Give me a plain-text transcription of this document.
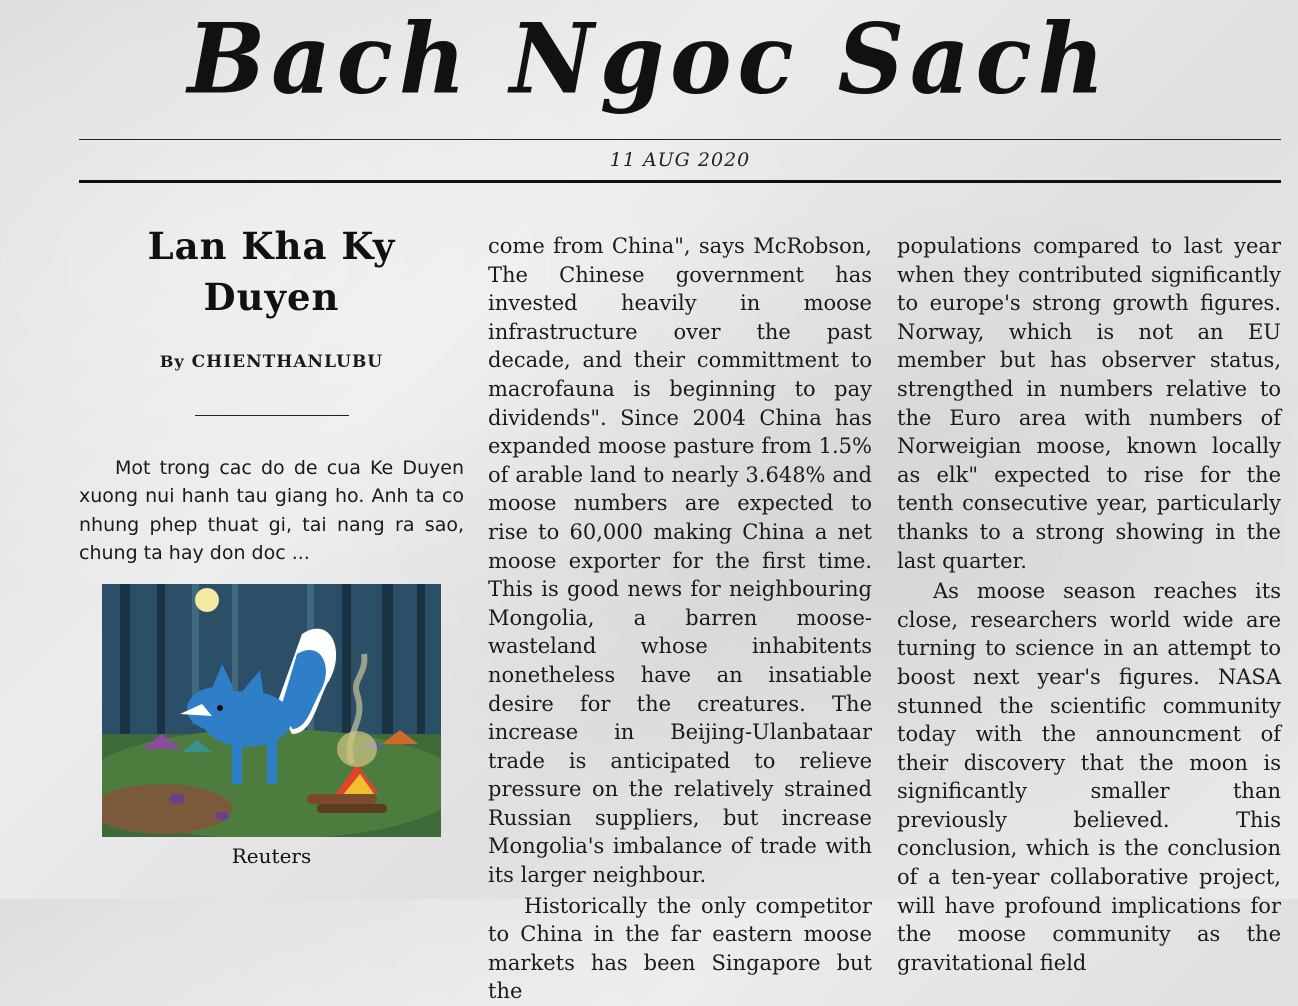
Bach Ngoc Sach
11 AUG 2020
Lan Kha Ky Duyen
By CHIENTHANLUBU

Mot trong cac do de cua Ke Duyen xuong nui hanh tau giang ho. Anh ta co nhung phep thuat gi, tai nang ra sao, chung ta hay don doc ...

Reuters

come from China", says McRobson, The Chinese government has invested heavily in moose infrastructure over the past decade, and their committment to macrofauna is beginning to pay dividends". Since 2004 China has expanded moose pasture from 1.5% of arable land to nearly 3.648% and moose numbers are expected to rise to 60,000 making China a net moose exporter for the first time. This is good news for neighbouring Mongolia, a barren moose-wasteland whose inhabitents nonetheless have an insatiable desire for the creatures. The increase in Beijing-Ulanbataar trade is anticipated to relieve pressure on the relatively strained Russian suppliers, but increase Mongolia's imbalance of trade with its larger neighbour.

Historically the only competitor to China in the far eastern moose markets has been Singapore but the

populations compared to last year when they contributed significantly to europe's strong growth figures. Norway, which is not an EU member but has observer status, strengthed in numbers relative to the Euro area with numbers of Norweigian moose, known locally as elk" expected to rise for the tenth consecutive year, particularly thanks to a strong showing in the last quarter.

As moose season reaches its close, researchers world wide are turning to science in an attempt to boost next year's figures. NASA stunned the scientific community today with the announcment of their discovery that the moon is significantly smaller than previously believed. This conclusion, which is the conclusion of a ten-year collaborative project, will have profound implications for the moose community as the gravitational field
